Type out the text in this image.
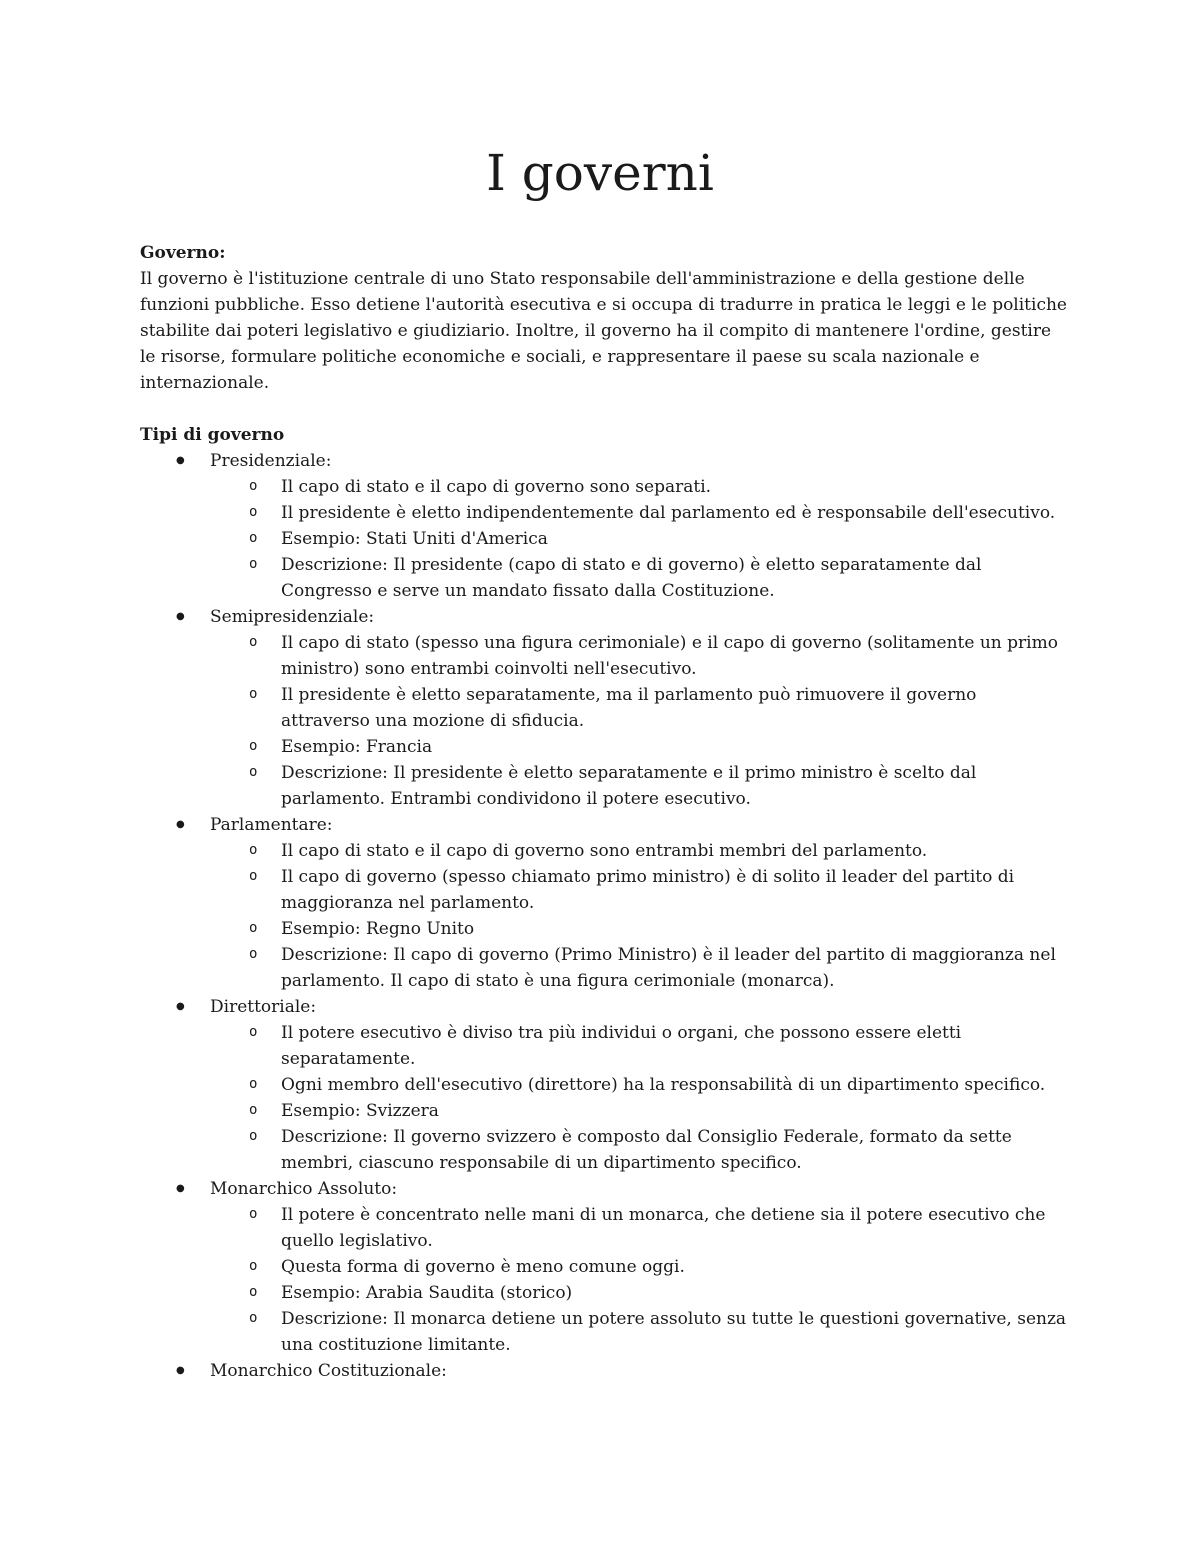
I governi

Governo:

Il governo è l'istituzione centrale di uno Stato responsabile dell'amministrazione e della gestione delle funzioni pubbliche. Esso detiene l'autorità esecutiva e si occupa di tradurre in pratica le leggi e le politiche stabilite dai poteri legislativo e giudiziario. Inoltre, il governo ha il compito di mantenere l'ordine, gestire le risorse, formulare politiche economiche e sociali, e rappresentare il paese su scala nazionale e internazionale.

Tipi di governo

● Presidenziale:
o Il capo di stato e il capo di governo sono separati.
o Il presidente è eletto indipendentemente dal parlamento ed è responsabile dell'esecutivo.
o Esempio: Stati Uniti d'America
o Descrizione: Il presidente (capo di stato e di governo) è eletto separatamente dal Congresso e serve un mandato fissato dalla Costituzione.
● Semipresidenziale:
o Il capo di stato (spesso una figura cerimoniale) e il capo di governo (solitamente un primo ministro) sono entrambi coinvolti nell'esecutivo.
o Il presidente è eletto separatamente, ma il parlamento può rimuovere il governo attraverso una mozione di sfiducia.
o Esempio: Francia
o Descrizione: Il presidente è eletto separatamente e il primo ministro è scelto dal parlamento. Entrambi condividono il potere esecutivo.
● Parlamentare:
o Il capo di stato e il capo di governo sono entrambi membri del parlamento.
o Il capo di governo (spesso chiamato primo ministro) è di solito il leader del partito di maggioranza nel parlamento.
o Esempio: Regno Unito
o Descrizione: Il capo di governo (Primo Ministro) è il leader del partito di maggioranza nel parlamento. Il capo di stato è una figura cerimoniale (monarca).
● Direttoriale:
o Il potere esecutivo è diviso tra più individui o organi, che possono essere eletti separatamente.
o Ogni membro dell'esecutivo (direttore) ha la responsabilità di un dipartimento specifico.
o Esempio: Svizzera
o Descrizione: Il governo svizzero è composto dal Consiglio Federale, formato da sette membri, ciascuno responsabile di un dipartimento specifico.
● Monarchico Assoluto:
o Il potere è concentrato nelle mani di un monarca, che detiene sia il potere esecutivo che quello legislativo.
o Questa forma di governo è meno comune oggi.
o Esempio: Arabia Saudita (storico)
o Descrizione: Il monarca detiene un potere assoluto su tutte le questioni governative, senza una costituzione limitante.
● Monarchico Costituzionale:
